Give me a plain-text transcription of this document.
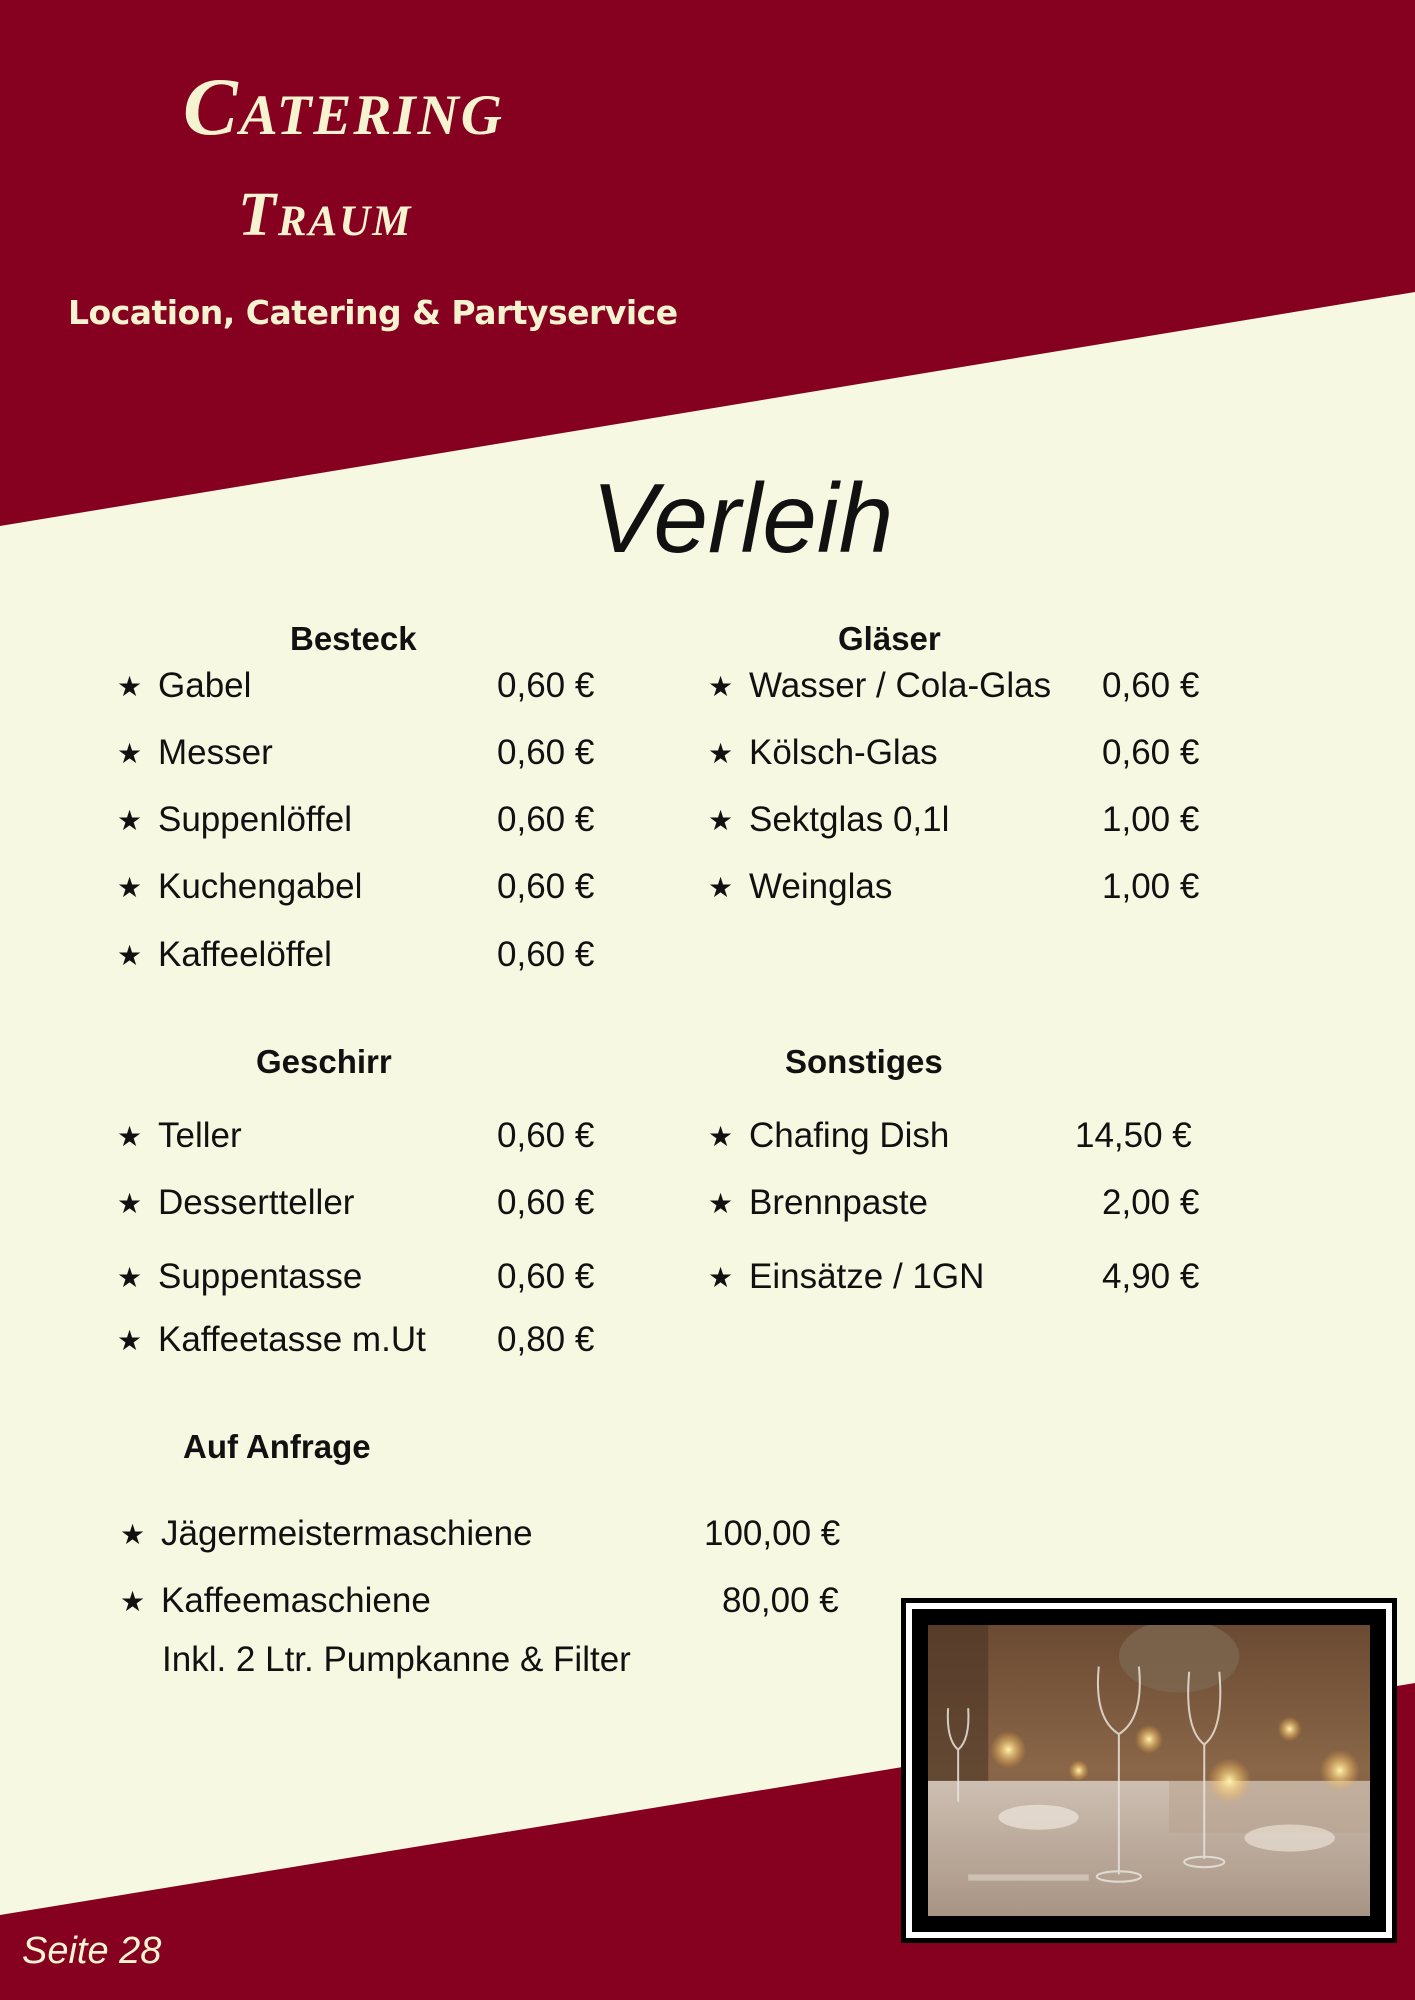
Catering
Traum
Location, Catering & Partyservice
Verleih
Besteck
★ Gabel	0,60 €
★ Messer	0,60 €
★ Suppenlöffel	0,60 €
★ Kuchengabel	0,60 €
★ Kaffeelöffel	0,60 €
Gläser
★ Wasser / Cola-Glas 0,60 €
★ Kölsch-Glas	0,60 €
★ Sektglas 0,1l	1,00 €
★ Weinglas	1,00 €
Geschirr
★ Teller	0,60 €
★ Dessertteller	0,60 €
★ Suppentasse	0,60 €
★ Kaffeetasse m.Ut 0,80 €
Sonstiges
★ Chafing Dish	14,50 €
★ Brennpaste	2,00 €
★ Einsätze / 1GN	4,90 €
Auf Anfrage
★ Jägermeistermaschiene	100,00 €
★ Kaffeemaschiene	80,00 €
Inkl. 2 Ltr. Pumpkanne & Filter
Seite 28
